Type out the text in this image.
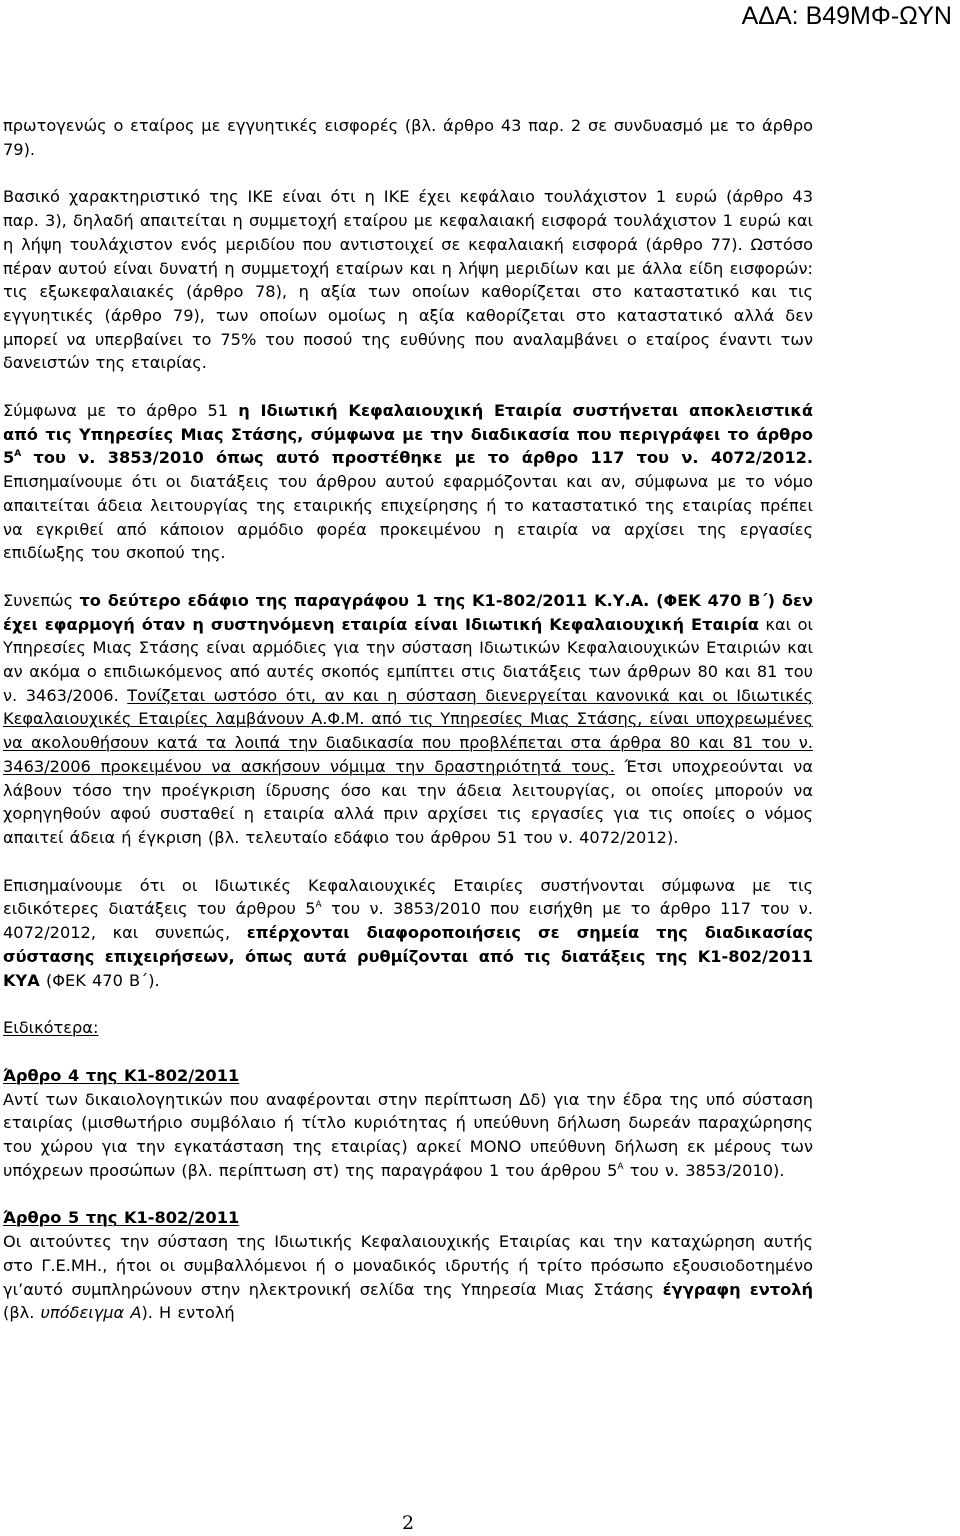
ΑΔΑ: Β49ΜΦ-ΩΥΝ

πρωτογενώς ο εταίρος με εγγυητικές εισφορές (βλ. άρθρο 43 παρ. 2 σε συνδυασμό με το άρθρο 79).

Βασικό χαρακτηριστικό της ΙΚΕ είναι ότι η ΙΚΕ έχει κεφάλαιο τουλάχιστον 1 ευρώ (άρθρο 43 παρ. 3), δηλαδή απαιτείται η συμμετοχή εταίρου με κεφαλαιακή εισφορά τουλάχιστον 1 ευρώ και η λήψη τουλάχιστον ενός μεριδίου που αντιστοιχεί σε κεφαλαιακή εισφορά (άρθρο 77). Ωστόσο πέραν αυτού είναι δυνατή η συμμετοχή εταίρων και η λήψη μεριδίων και με άλλα είδη εισφορών: τις εξωκεφαλαιακές (άρθρο 78), η αξία των οποίων καθορίζεται στο καταστατικό και τις εγγυητικές (άρθρο 79), των οποίων ομοίως η αξία καθορίζεται στο καταστατικό αλλά δεν μπορεί να υπερβαίνει το 75% του ποσού της ευθύνης που αναλαμβάνει ο εταίρος έναντι των δανειστών της εταιρίας.

Σύμφωνα με το άρθρο 51 η Ιδιωτική Κεφαλαιουχική Εταιρία συστήνεται αποκλειστικά από τις Υπηρεσίες Μιας Στάσης, σύμφωνα με την διαδικασία που περιγράφει το άρθρο $5^A$ του ν. 3853/2010 όπως αυτό προστέθηκε με το άρθρο 117 του ν. 4072/2012. Επισημαίνουμε ότι οι διατάξεις του άρθρου αυτού εφαρμόζονται και αν, σύμφωνα με το νόμο απαιτείται άδεια λειτουργίας της εταιρικής επιχείρησης ή το καταστατικό της εταιρίας πρέπει να εγκριθεί από κάποιον αρμόδιο φορέα προκειμένου η εταιρία να αρχίσει της εργασίες επιδίωξης του σκοπού της.

Συνεπώς το δεύτερο εδάφιο της παραγράφου 1 της Κ1-802/2011 Κ.Υ.Α. (ΦΕΚ 470 Β΄) δεν έχει εφαρμογή όταν η συστηνόμενη εταιρία είναι Ιδιωτική Κεφαλαιουχική Εταιρία και οι Υπηρεσίες Μιας Στάσης είναι αρμόδιες για την σύσταση Ιδιωτικών Κεφαλαιουχικών Εταιριών και αν ακόμα ο επιδιωκόμενος από αυτές σκοπός εμπίπτει στις διατάξεις των άρθρων 80 και 81 του ν. 3463/2006. Τονίζεται ωστόσο ότι, αν και η σύσταση διενεργείται κανονικά και οι Ιδιωτικές Κεφαλαιουχικές Εταιρίες λαμβάνουν Α.Φ.Μ. από τις Υπηρεσίες Μιας Στάσης, είναι υποχρεωμένες να ακολουθήσουν κατά τα λοιπά την διαδικασία που προβλέπεται στα άρθρα 80 και 81 του ν. 3463/2006 προκειμένου να ασκήσουν νόμιμα την δραστηριότητά τους. Έτσι υποχρεούνται να λάβουν τόσο την προέγκριση ίδρυσης όσο και την άδεια λειτουργίας, οι οποίες μπορούν να χορηγηθούν αφού συσταθεί η εταιρία αλλά πριν αρχίσει τις εργασίες για τις οποίες ο νόμος απαιτεί άδεια ή έγκριση (βλ. τελευταίο εδάφιο του άρθρου 51 του ν. 4072/2012).

Επισημαίνουμε ότι οι Ιδιωτικές Κεφαλαιουχικές Εταιρίες συστήνονται σύμφωνα με τις ειδικότερες διατάξεις του άρθρου $5^A$ του ν. 3853/2010 που εισήχθη με το άρθρο 117 του ν. 4072/2012, και συνεπώς, επέρχονται διαφοροποιήσεις σε σημεία της διαδικασίας σύστασης επιχειρήσεων, όπως αυτά ρυθμίζονται από τις διατάξεις της Κ1-802/2011 ΚΥΑ (ΦΕΚ 470 Β΄).

Ειδικότερα:

Άρθρο 4 της Κ1-802/2011
Αντί των δικαιολογητικών που αναφέρονται στην περίπτωση Δδ) για την έδρα της υπό σύσταση εταιρίας (μισθωτήριο συμβόλαιο ή τίτλο κυριότητας ή υπεύθυνη δήλωση δωρεάν παραχώρησης του χώρου για την εγκατάσταση της εταιρίας) αρκεί ΜΟΝΟ υπεύθυνη δήλωση εκ μέρους των υπόχρεων προσώπων (βλ. περίπτωση στ) της παραγράφου 1 του άρθρου $5^A$ του ν. 3853/2010).

Άρθρο 5 της Κ1-802/2011
Οι αιτούντες την σύσταση της Ιδιωτικής Κεφαλαιουχικής Εταιρίας και την καταχώρηση αυτής στο Γ.Ε.ΜΗ., ήτοι οι συμβαλλόμενοι ή ο μοναδικός ιδρυτής ή τρίτο πρόσωπο εξουσιοδοτημένο γι’αυτό συμπληρώνουν στην ηλεκτρονική σελίδα της Υπηρεσία Μιας Στάσης έγγραφη εντολή (βλ. υπόδειγμα Α). Η εντολή

2
